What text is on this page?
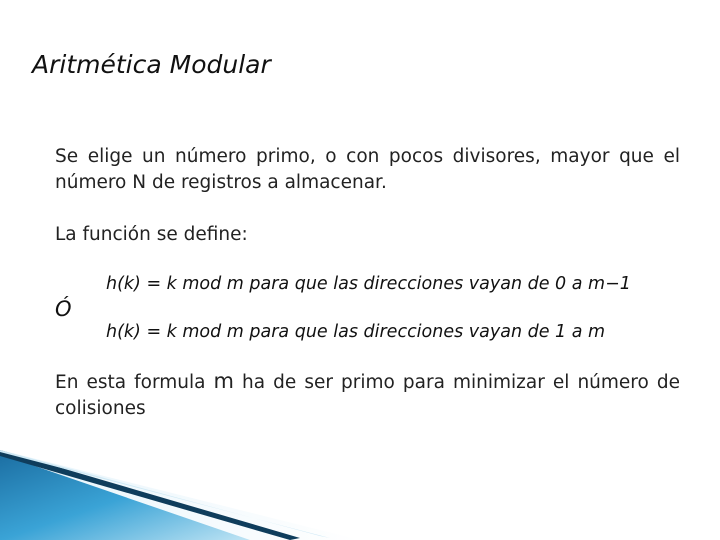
Aritmética Modular
Se elige un número primo, o con pocos divisores, mayor que el número N de registros a almacenar.
La función se define:
h(k) = k mod m para que las direcciones vayan de 0 a m−1
Ó
h(k) = k mod m para que las direcciones vayan de 1 a m
En esta formula m ha de ser primo para minimizar el número de colisiones
